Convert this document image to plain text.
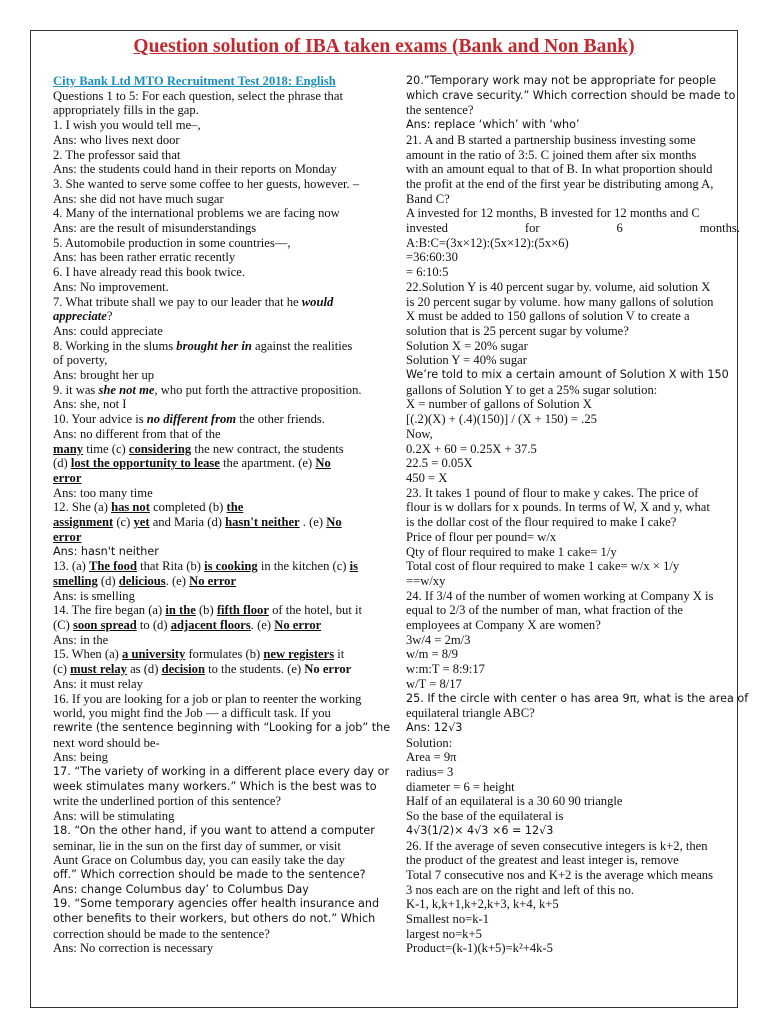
Question solution of IBA taken exams (Bank and Non Bank)
City Bank Ltd MTO Recruitment Test 2018: English
Questions 1 to 5: For each question, select the phrase that
appropriately fills in the gap.
1. I wish you would tell me–,
Ans: who lives next door
2. The professor said that
Ans: the students could hand in their reports on Monday
3. She wanted to serve some coffee to her guests, however. –
Ans: she did not have much sugar
4. Many of the international problems we are facing now
Ans: are the result of misunderstandings
5. Automobile production in some countries—,
Ans: has been rather erratic recently
6. I have already read this book twice.
Ans: No improvement.
7. What tribute shall we pay to our leader that he would
appreciate?
Ans: could appreciate
8. Working in the slums brought her in against the realities
of poverty,
Ans: brought her up
9. it was she not me, who put forth the attractive proposition.
Ans: she, not I
10. Your advice is no different from the other friends.
Ans: no different from that of the
many time (c) considering the new contract, the students
(d) lost the opportunity to lease the apartment. (e) No
error
Ans: too many time
12. She (a) has not completed (b) the
assignment (c) yet and Maria (d) hasn't neither . (e) No
error
Ans: hasn't neither
13. (a) The food that Rita (b) is cooking in the kitchen (c) is
smelling (d) delicious. (e) No error
Ans: is smelling
14. The fire began (a) in the (b) fifth floor of the hotel, but it
(C) soon spread to (d) adjacent floors. (e) No error
Ans: in the
15. When (a) a university formulates (b) new registers it
(c) must relay as (d) decision to the students. (e) No error
Ans: it must relay
16. If you are looking for a job or plan to reenter the working
world, you might find the Job — a difficult task. If you
rewrite (the sentence beginning with “Looking for a job” the
next word should be-
Ans: being
17. “The variety of working in a different place every day or
week stimulates many workers.” Which is the best was to
write the underlined portion of this sentence?
Ans: will be stimulating
18. “On the other hand, if you want to attend a computer
seminar, lie in the sun on the first day of summer, or visit
Aunt Grace on Columbus day, you can easily take the day
off.” Which correction should be made to the sentence?
Ans: change Columbus day’ to Columbus Day
19. “Some temporary agencies offer health insurance and
other benefits to their workers, but others do not.” Which
correction should be made to the sentence?
Ans: No correction is necessary
20.”Temporary work may not be appropriate for people
which crave security.” Which correction should be made to
the sentence?
Ans: replace ‘which’ with ‘who’
21. A and B started a partnership business investing some
amount in the ratio of 3:5. C joined them after six months
with an amount equal to that of B. In what proportion should
the profit at the end of the first year be distributing among A,
Band C?
A invested for 12 months, B invested for 12 months and C
invested	for	6	months.
A:B:C=(3x×12):(5x×12):(5x×6)
=36:60:30
= 6:10:5
22.Solution Y is 40 percent sugar by. volume, aid solution X
is 20 percent sugar by volume. how many gallons of solution
X must be added to 150 gallons of solution V to create a
solution that is 25 percent sugar by volume?
Solution X = 20% sugar
Solution Y = 40% sugar
We’re told to mix a certain amount of Solution X with 150
gallons of Solution Y to get a 25% sugar solution:
X = number of gallons of Solution X
[(.2)(X) + (.4)(150)] / (X + 150) = .25
Now,
0.2X + 60 = 0.25X + 37.5
22.5 = 0.05X
450 = X
23. It takes 1 pound of flour to make y cakes. The price of
flour is w dollars for x pounds. In terms of W, X and y, what
is the dollar cost of the flour required to make I cake?
Price of flour per pound= w/x
Qty of flour required to make 1 cake= 1/y
Total cost of flour required to make 1 cake= w/x × 1/y
==w/xy
24. If 3/4 of the number of women working at Company X is
equal to 2/3 of the number of man, what fraction of the
employees at Company X are women?
3w/4 = 2m/3
w/m = 8/9
w:m:T = 8:9:17
w/T = 8/17
25. If the circle with center o has area 9π, what is the area of
equilateral triangle ABC?
Ans: 12√3
Solution:
Area = 9π
radius= 3
diameter = 6 = height
Half of an equilateral is a 30 60 90 triangle
So the base of the equilateral is
4√3(1/2)× 4√3 ×6 = 12√3
26. If the average of seven consecutive integers is k+2, then
the product of the greatest and least integer is, remove
Total 7 consecutive nos and K+2 is the average which means
3 nos each are on the right and left of this no.
K-1, k,k+1,k+2,k+3, k+4, k+5
Smallest no=k-1
largest no=k+5
Product=(k-1)(k+5)=k²+4k-5
